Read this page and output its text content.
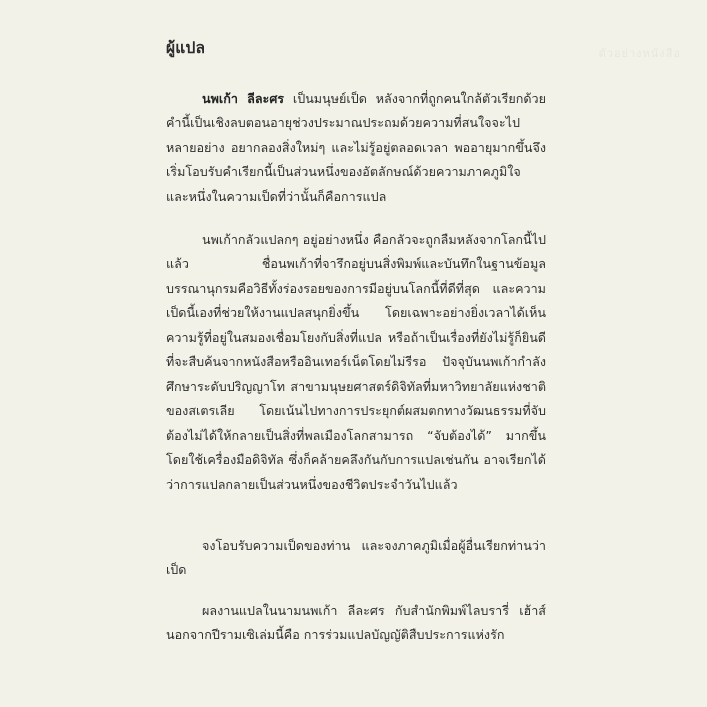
ตัวอย่างหนังสือ
ผู้แปล

นพเก้า ลีละศร เป็นมนุษย์เป็ด หลังจากที่ถูกคนใกล้ตัวเรียกด้วยคำนี้เป็นเชิงลบตอนอายุช่วงประมาณประถมด้วยความที่สนใจจะไปหลายอย่าง อยากลองสิ่งใหม่ๆ และไม่รู้อยู่ตลอดเวลา พออายุมากขึ้นจึงเริ่มโอบรับคำเรียกนี้เป็นส่วนหนึ่งของอัตลักษณ์ด้วยความภาคภูมิใจ และหนึ่งในความเป็ดที่ว่านั้นก็คือการแปล

นพเก้ากลัวแปลกๆ อยู่อย่างหนึ่ง คือกลัวจะถูกลืมหลังจากโลกนี้ไปแล้ว ชื่อนพเก้าที่จารึกอยู่บนสิ่งพิมพ์และบันทึกในฐานข้อมูลบรรณานุกรมคือวิธีทั้งร่องรอยของการมีอยู่บนโลกนี้ที่ดีที่สุด และความเป็ดนี้เองที่ช่วยให้งานแปลสนุกยิ่งขึ้น โดยเฉพาะอย่างยิ่งเวลาได้เห็นความรู้ที่อยู่ในสมองเชื่อมโยงกับสิ่งที่แปล หรือถ้าเป็นเรื่องที่ยังไม่รู้ก็ยินดีที่จะสืบค้นจากหนังสือหรืออินเทอร์เน็ตโดยไม่รีรอ ปัจจุบันนพเก้ากำลังศึกษาระดับปริญญาโท สาขามนุษยศาสตร์ดิจิทัลที่มหาวิทยาลัยแห่งชาติของสเตรเลีย โดยเน้นไปทางการประยุกต์ผสมตกทางวัฒนธรรมที่จับต้องไม่ได้ให้กลายเป็นสิ่งที่พลเมืองโลกสามารถ “จับต้องได้” มากขึ้นโดยใช้เครื่องมือดิจิทัล ซึ่งก็คล้ายคลึงกันกับการแปลเช่นกัน อาจเรียกได้ว่าการแปลกลายเป็นส่วนหนึ่งของชีวิตประจำวันไปแล้ว

จงโอบรับความเป็ดของท่าน และจงภาคภูมิเมื่อผู้อื่นเรียกท่านว่าเป็ด

ผลงานแปลในนามนพเก้า ลีละศร กับสำนักพิมพ์ไลบรารี่ เฮ้าส์ นอกจากปีรามเซิเล่มนี้คือ การร่วมแปลบัญญัติสืบประการแห่งรัก
